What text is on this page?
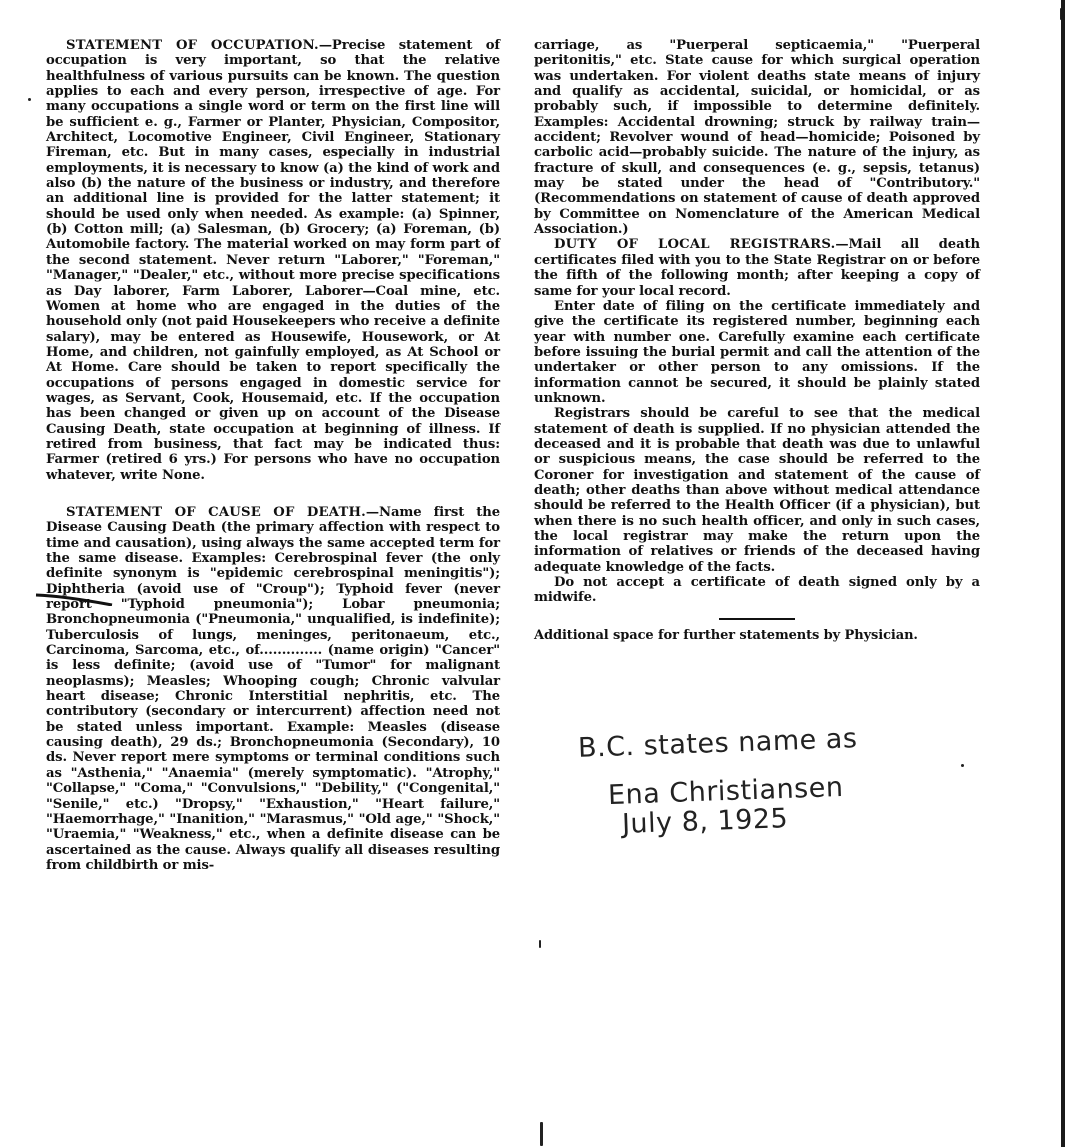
STATEMENT OF OCCUPATION.—Precise statement of occupation is very important, so that the relative healthfulness of various pursuits can be known. The question applies to each and every person, irrespective of age. For many occupations a single word or term on the first line will be sufficient e. g., Farmer or Planter, Physician, Compositor, Architect, Locomotive Engineer, Civil Engineer, Stationary Fireman, etc. But in many cases, especially in industrial employments, it is necessary to know (a) the kind of work and also (b) the nature of the business or industry, and therefore an additional line is provided for the latter statement; it should be used only when needed. As example: (a) Spinner, (b) Cotton mill; (a) Salesman, (b) Grocery; (a) Foreman, (b) Automobile factory. The material worked on may form part of the second statement. Never return "Laborer," "Foreman," "Manager," "Dealer," etc., without more precise specifications as Day laborer, Farm Laborer, Laborer—Coal mine, etc. Women at home who are engaged in the duties of the household only (not paid Housekeepers who receive a definite salary), may be entered as Housewife, Housework, or At Home, and children, not gainfully employed, as At School or At Home. Care should be taken to report specifically the occupations of persons engaged in domestic service for wages, as Servant, Cook, Housemaid, etc. If the occupation has been changed or given up on account of the Disease Causing Death, state occupation at beginning of illness. If retired from business, that fact may be indicated thus: Farmer (retired 6 yrs.) For persons who have no occupation whatever, write None.

STATEMENT OF CAUSE OF DEATH.—Name first the Disease Causing Death (the primary affection with respect to time and causation), using always the same accepted term for the same disease. Examples: Cerebrospinal fever (the only definite synonym is "epidemic cerebrospinal meningitis"); Diphtheria (avoid use of "Croup"); Typhoid fever (never report "Typhoid pneumonia"); Lobar pneumonia; Bronchopneumonia ("Pneumonia," unqualified, is indefinite); Tuberculosis of lungs, meninges, peritonaeum, etc., Carcinoma, Sarcoma, etc., of.............. (name origin) "Cancer" is less definite; (avoid use of "Tumor" for malignant neoplasms); Measles; Whooping cough; Chronic valvular heart disease; Chronic Interstitial nephritis, etc. The contributory (secondary or intercurrent) affection need not be stated unless important. Example: Measles (disease causing death), 29 ds.; Bronchopneumonia (Secondary), 10 ds. Never report mere symptoms or terminal conditions such as "Asthenia," "Anaemia" (merely symptomatic). "Atrophy," "Collapse," "Coma," "Convulsions," "Debility," ("Congenital," "Senile," etc.) "Dropsy," "Exhaustion," "Heart failure," "Haemorrhage," "Inanition," "Marasmus," "Old age," "Shock," "Uraemia," "Weakness," etc., when a definite disease can be ascertained as the cause. Always qualify all diseases resulting from childbirth or mis-

carriage, as "Puerperal septicaemia," "Puerperal peritonitis," etc. State cause for which surgical operation was undertaken. For violent deaths state means of injury and qualify as accidental, suicidal, or homicidal, or as probably such, if impossible to determine definitely. Examples: Accidental drowning; struck by railway train—accident; Revolver wound of head—homicide; Poisoned by carbolic acid—probably suicide. The nature of the injury, as fracture of skull, and consequences (e. g., sepsis, tetanus) may be stated under the head of "Contributory." (Recommendations on statement of cause of death approved by Committee on Nomenclature of the American Medical Association.)

DUTY OF LOCAL REGISTRARS.—Mail all death certificates filed with you to the State Registrar on or before the fifth of the following month; after keeping a copy of same for your local record.

Enter date of filing on the certificate immediately and give the certificate its registered number, beginning each year with number one. Carefully examine each certificate before issuing the burial permit and call the attention of the undertaker or other person to any omissions. If the information cannot be secured, it should be plainly stated unknown.

Registrars should be careful to see that the medical statement of death is supplied. If no physician attended the deceased and it is probable that death was due to unlawful or suspicious means, the case should be referred to the Coroner for investigation and statement of the cause of death; other deaths than above without medical attendance should be referred to the Health Officer (if a physician), but when there is no such health officer, and only in such cases, the local registrar may make the return upon the information of relatives or friends of the deceased having adequate knowledge of the facts.

Do not accept a certificate of death signed only by a midwife.

Additional space for further statements by Physician.

B.C. states name as
Ena Christiansen
July 8, 1925
